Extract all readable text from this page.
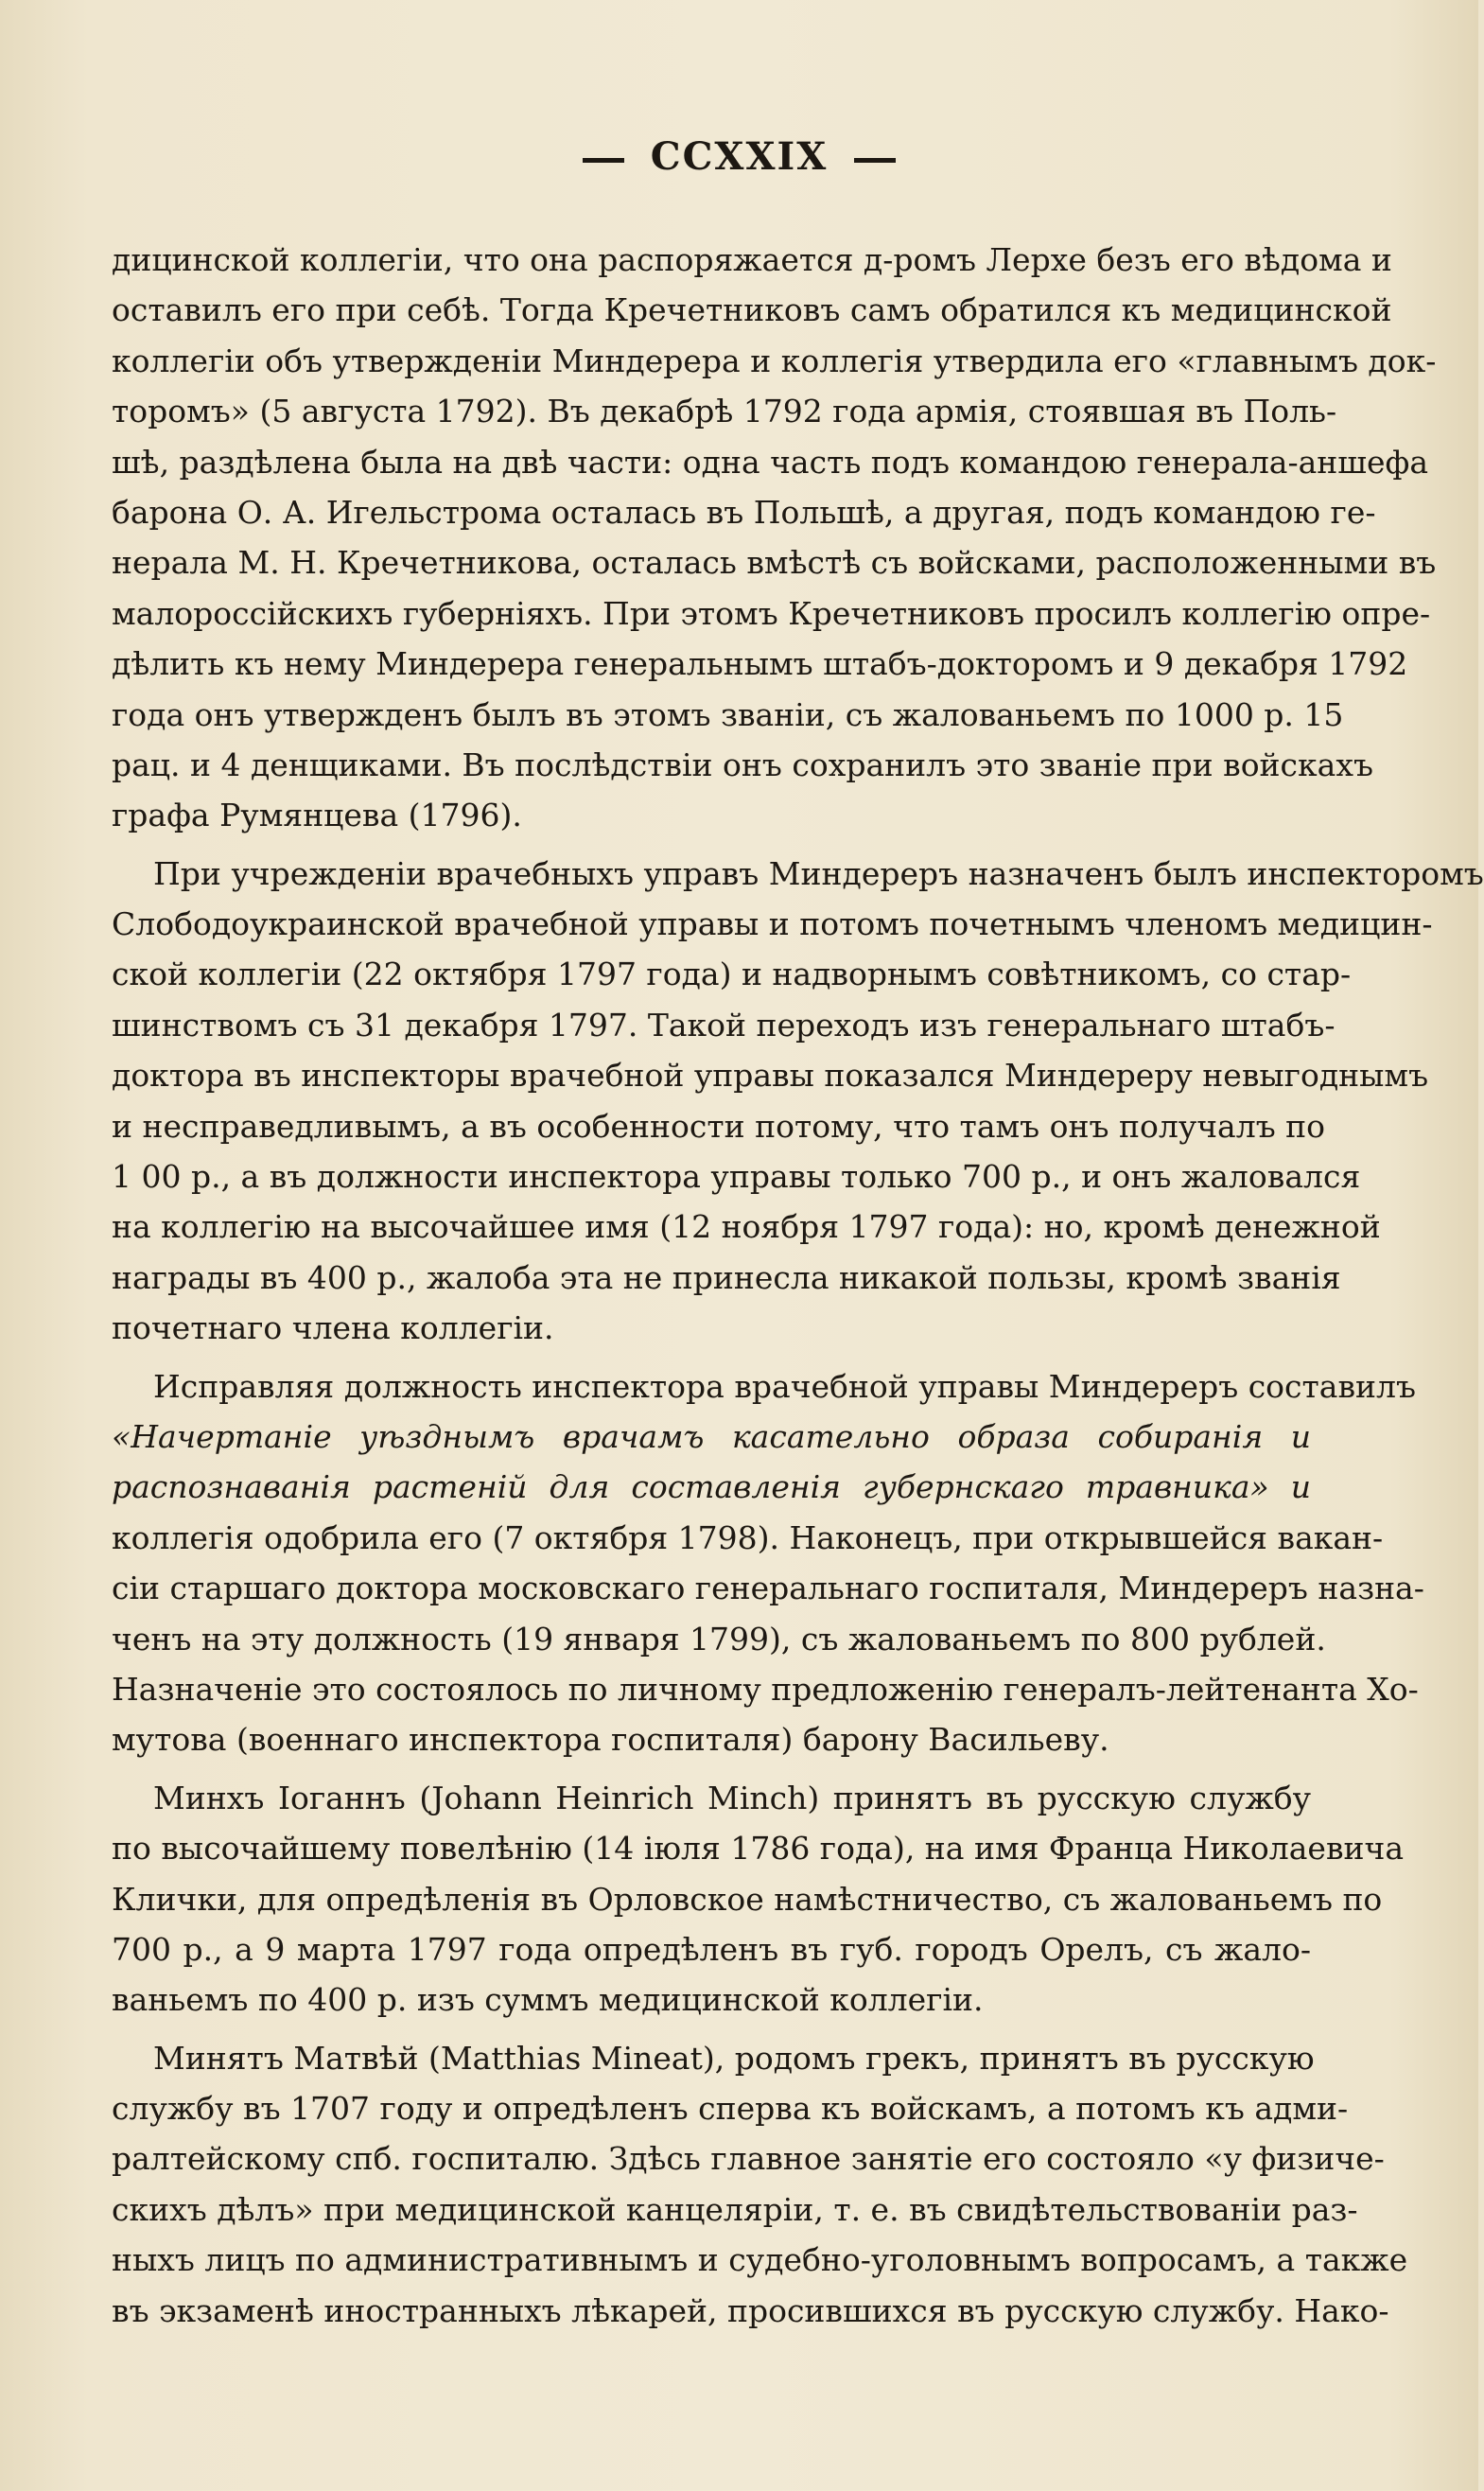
CCXXIX
дицинской коллегіи, что она распоряжается д-ромъ Лерхе безъ его вѣдома и
оставилъ его при себѣ. Тогда Кречетниковъ самъ обратился къ медицинской
коллегіи объ утвержденіи Миндерера и коллегія утвердила его «главнымъ док-
торомъ» (5 августа 1792). Въ декабрѣ 1792 года армія, стоявшая въ Поль-
шѣ, раздѣлена была на двѣ части: одна часть подъ командою генерала-аншефа
барона О. А. Игельстрома осталась въ Польшѣ, а другая, подъ командою ге-
нерала М. Н. Кречетникова, осталась вмѣстѣ съ войсками, расположенными въ
малороссійскихъ губерніяхъ. При этомъ Кречетниковъ просилъ коллегію опре-
дѣлить къ нему Миндерера генеральнымъ штабъ-докторомъ и 9 декабря 1792
года онъ утвержденъ былъ въ этомъ званіи, съ жалованьемъ по 1000 р. 15
рац. и 4 денщиками. Въ послѣдствіи онъ сохранилъ это званіе при войскахъ
графа Румянцева (1796).
При учрежденіи врачебныхъ управъ Миндереръ назначенъ былъ инспекторомъ
Слободоукраинской врачебной управы и потомъ почетнымъ членомъ медицин-
ской коллегіи (22 октября 1797 года) и надворнымъ совѣтникомъ, со стар-
шинствомъ съ 31 декабря 1797. Такой переходъ изъ генеральнаго штабъ-
доктора въ инспекторы врачебной управы показался Миндереру невыгоднымъ
и несправедливымъ, а въ особенности потому, что тамъ онъ получалъ по
1 00 р., а въ должности инспектора управы только 700 р., и онъ жаловался
на коллегію на высочайшее имя (12 ноября 1797 года): но, кромѣ денежной
награды въ 400 р., жалоба эта не принесла никакой пользы, кромѣ званія
почетнаго члена коллегіи.
Исправляя должность инспектора врачебной управы Миндереръ составилъ
«Начертаніе уѣзднымъ врачамъ касательно образа собиранія и
распознаванія растеній для составленія губернскаго травника» и
коллегія одобрила его (7 октября 1798). Наконецъ, при открывшейся вакан-
сіи старшаго доктора московскаго генеральнаго госпиталя, Миндереръ назна-
ченъ на эту должность (19 января 1799), съ жалованьемъ по 800 рублей.
Назначеніе это состоялось по личному предложенію генералъ-лейтенанта Хо-
мутова (военнаго инспектора госпиталя) барону Васильеву.
Минхъ Іоганнъ (Johann Heinrich Minch) принятъ въ русскую службу
по высочайшему повелѣнію (14 іюля 1786 года), на имя Франца Николаевича
Клички, для опредѣленія въ Орловское намѣстничество, съ жалованьемъ по
700 р., а 9 марта 1797 года опредѣленъ въ губ. городъ Орелъ, съ жало-
ваньемъ по 400 р. изъ суммъ медицинской коллегіи.
Минятъ Матвѣй (Matthias Mineat), родомъ грекъ, принятъ въ русскую
службу въ 1707 году и опредѣленъ сперва къ войскамъ, а потомъ къ адми-
ралтейскому спб. госпиталю. Здѣсь главное занятіе его состояло «у физиче-
скихъ дѣлъ» при медицинской канцеляріи, т. е. въ свидѣтельствованіи раз-
ныхъ лицъ по административнымъ и судебно-уголовнымъ вопросамъ, а также
въ экзаменѣ иностранныхъ лѣкарей, просившихся въ русскую службу. Нако-
